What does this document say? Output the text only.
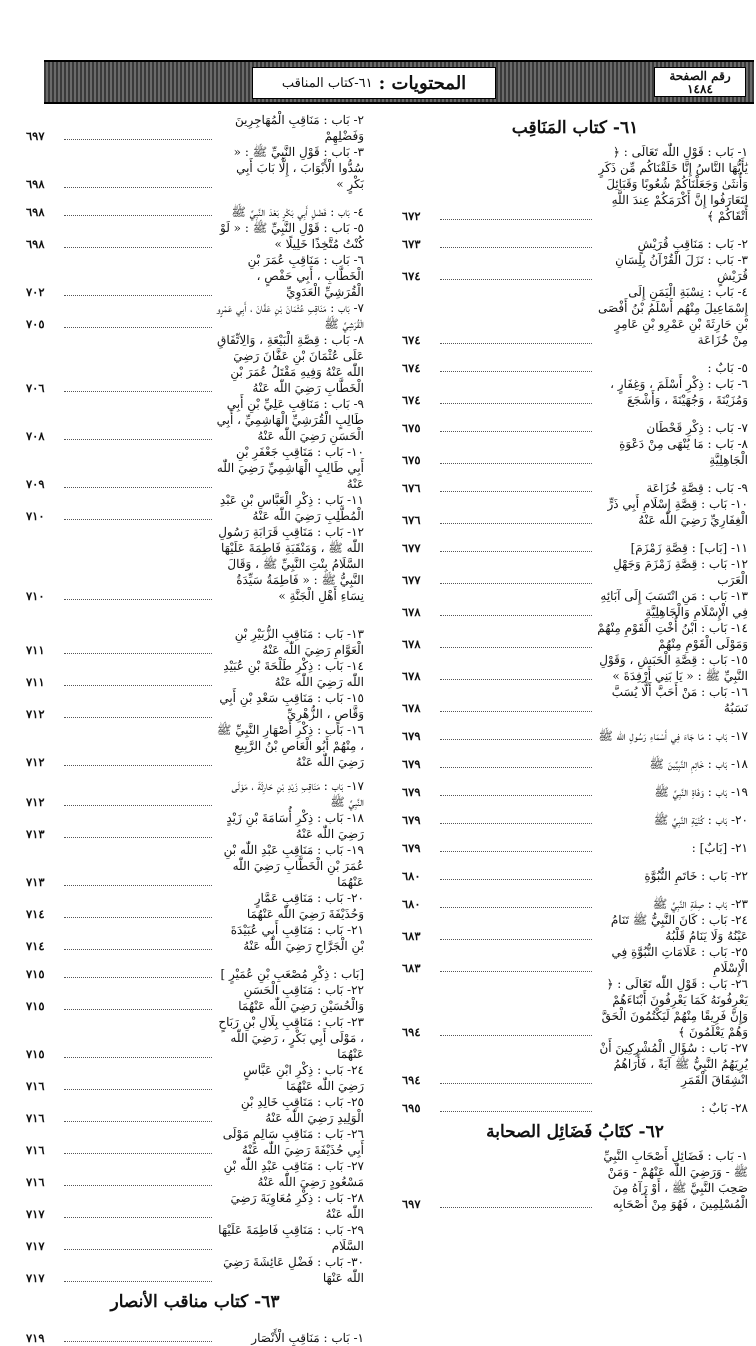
رقم الصفحة
١٤٨٤
المحتويات :
٦١-كتاب المناقب
٦١- كتاب المَنَاقِب
١- بَاب : قَوْلِ اللّٰه تَعَالَى : ﴿ يَٰأَيُّهَا النَّاسُ إِنَّا خَلَقْنَاكُم مِّن ذَكَرٍ وَأُنثَىٰ وَجَعَلْنَاكُمْ شُعُوبًا وَقَبَائِلَ لِتَعَارَفُوا إِنَّ أَكْرَمَكُمْ عِندَ اللَّهِ أَتْقَاكُمْ ﴾
٦٧٢
٢- بَاب : مَنَاقِبِ قُرَيْشٍ
٦٧٣
٣- بَاب : نَزَلَ الْقُرْآنُ بِلِسَانِ قُرَيْشٍ
٦٧٤
٤- بَاب : نِسْبَةِ الْيَمَنِ إِلَى إِسْمَاعِيلَ مِنْهُم أَسْلَمُ بْنُ أَفْصَى بْنِ حَارِثَةَ بْنِ عَمْرِو بْنِ عَامِرٍ مِنْ خُزَاعَة
٦٧٤
٥- بَابٌ :
٦٧٤
٦- بَاب : ذِكْرِ أَسْلَمَ ، وَغِفَارٍ ، وَمُزَيْنَةَ ، وَجُهَيْنَةَ ، وَأَشْجَعَ
٦٧٤
٧- بَاب : ذِكْرِ قَحْطَان
٦٧٥
٨- بَاب : مَا يُنْهَى مِنْ دَعْوَةِ الْجَاهِلِيَّةِ
٦٧٥
٩- بَاب : قِصَّةِ خُزَاعَة
٦٧٦
١٠- بَاب : قِصَّةِ إِسْلَامِ أَبِي ذَرٍّ الْغِفَارِيِّ رَضِيَ اللّٰه عَنْهُ
٦٧٦
١١- [بَاب] : قِصَّةِ زَمْزَمَ]
٦٧٧
١٢- بَاب : قِصَّةِ زَمْزَمَ وَجَهْلِ الْعَرَب
٦٧٧
١٣- بَاب : مَنِ انْتَسَبَ إِلَى آبَائِهِ فِي الْإِسْلَامِ وَالْجَاهِلِيَّةِ
٦٧٨
١٤- بَاب : ابْنُ أُخْتِ الْقَوْمِ مِنْهُمْ وَمَوْلَى الْقَوْمِ مِنْهُمْ
٦٧٨
١٥- بَاب : قِصَّةِ الْحَبَشِ ، وَقَوْلِ النَّبِيِّ ﷺ : « يَا بَنِي أَرْفِدَةَ »
٦٧٨
١٦- بَاب : مَنْ أَحَبَّ أَلَّا يُسَبَّ نَسَبُهُ
٦٧٨
١٧- بَاب : مَا جَاءَ فِي أَسْمَاءِ رَسُولِ اللّٰه ﷺ
٦٧٩
١٨- بَاب : خَاتِمِ النَّبِيِّينَ ﷺ
٦٧٩
١٩- بَاب : وَفَاةِ النَّبِيِّ ﷺ
٦٧٩
٢٠- بَاب : كُنْيَةِ النَّبِيِّ ﷺ
٦٧٩
٢١- [بَابٌ] :
٦٧٩
٢٢- بَاب : خَاتَمِ النُّبُوَّةِ
٦٨٠
٢٣- بَاب : صِفَةِ النَّبِيِّ ﷺ
٦٨٠
٢٤- بَاب : كَانَ النَّبِيُّ ﷺ تَنَامُ عَيْنُهُ وَلَا يَنَامُ قَلْبُهُ
٦٨٣
٢٥- بَاب : عَلَامَاتِ النُّبُوَّةِ فِي الْإِسْلَامِ
٦٨٣
٢٦- بَاب : قَوْلِ اللّٰه تَعَالَى : ﴿ يَعْرِفُونَهُ كَمَا يَعْرِفُونَ أَبْنَاءَهُمْ وَإِنَّ فَرِيقًا مِنْهُمْ لَيَكْتُمُونَ الْحَقَّ وَهُمْ يَعْلَمُونَ ﴾
٦٩٤
٢٧- بَاب : سُؤَالِ الْمُشْرِكِينَ أَنْ يُرِيَهُمُ النَّبِيُّ ﷺ آيَةً ، فَأَرَاهُمُ انْشِقَاقَ الْقَمَرِ
٦٩٤
٢٨- بَابٌ :
٦٩٥
٦٢- كتَابُ فَضَائِل الصحابة
١- بَاب : فَضَائِلِ أَصْحَابِ النَّبِيِّ ﷺ - وَرَضِيَ اللّٰه عَنْهُمْ - وَمَنْ صَحِبَ النَّبِيَّ ﷺ ، أَوْ رَآهُ مِنَ الْمُسْلِمِينَ ، فَهُوَ مِنْ أَصْحَابِه
٦٩٧
٢- بَاب : مَنَاقِبِ الْمُهَاجِرِينَ وَفَضْلِهِمْ
٦٩٧
٣- بَاب : قَوْلِ النَّبِيِّ ﷺ : « سُدُّوا الْأَبْوَابَ ، إِلَّا بَابَ أَبِي بَكْرٍ »
٦٩٨
٤- بَاب : فَضْلِ أَبِي بَكْرٍ بَعْدَ النَّبِيِّ ﷺ
٦٩٨
٥- بَاب : قَوْلِ النَّبِيِّ ﷺ : « لَوْ كُنْتُ مُتَّخِذًا خَلِيلًا »
٦٩٨
٦- بَاب : مَنَاقِبِ عُمَرَ بْنِ الْخَطَّابِ ، أَبِي حَفْصٍ ، الْقُرَشِيِّ الْعَدَوِيِّ
٧٠٢
٧- بَاب : مَنَاقِبِ عُثْمَانَ بْنِ عَفَّانَ ، أَبِي عَمْرٍو الْقُرَشِيِّ ﷺ
٧٠٥
٨- بَاب : قِصَّةِ الْبَيْعَةِ ، وَالِاتِّفَاقِ عَلَى عُثْمَانَ بْنِ عَفَّانَ رَضِيَ اللّٰه عَنْهُ وَفِيهِ مَقْتَلُ عُمَرَ بْنِ الْخَطَّابِ رَضِيَ اللّٰه عَنْهُ
٧٠٦
٩- بَاب : مَنَاقِبِ عَلِيِّ بْنِ أَبِي طَالِبٍ الْقُرَشِيِّ الْهَاشِمِيِّ ، أَبِي الْحَسَنِ رَضِيَ اللّٰه عَنْهُ
٧٠٨
١٠- بَاب : مَنَاقِبِ جَعْفَرِ بْنِ أَبِي طَالِبٍ الْهَاشِمِيِّ رَضِيَ اللّٰه عَنْهُ
٧٠٩
١١- بَاب : ذِكْرِ الْعَبَّاسِ بْنِ عَبْدِ الْمُطَّلِبِ رَضِيَ اللّٰه عَنْهُ
٧١٠
١٢- بَاب : مَنَاقِبِ قَرَابَةِ رَسُولِ اللّٰه ﷺ ، وَمَنْقَبَةِ فَاطِمَةَ عَلَيْهَا السَّلَامُ بِنْتِ النَّبِيِّ ﷺ ، وَقَالَ النَّبِيُّ ﷺ : « فَاطِمَةُ سَيِّدَةُ نِسَاءِ أَهْلِ الْجَنَّةِ »
٧١٠
١٣- بَاب : مَنَاقِبِ الزُّبَيْرِ بْنِ الْعَوَّامِ رَضِيَ اللّٰه عَنْهُ
٧١١
١٤- بَاب : ذِكْرِ طَلْحَةَ بْنِ عُبَيْدِ اللّٰه رَضِيَ اللّٰه عَنْهُ
٧١١
١٥- بَاب : مَنَاقِبِ سَعْدِ بْنِ أَبِي وَقَّاصٍ ، الزُّهْرِيِّ
٧١٢
١٦- بَاب : ذِكْرِ أَصْهَارِ النَّبِيِّ ﷺ ، مِنْهُمْ أَبُو الْعَاصِ بْنُ الرَّبِيعِ رَضِيَ اللّٰه عَنْهُ
٧١٢
١٧- بَاب : مَنَاقِبِ زَيْدِ بْنِ حَارِثَةَ ، مَوْلَى النَّبِيِّ ﷺ
٧١٢
١٨- بَاب : ذِكْرِ أُسَامَةَ بْنِ زَيْدٍ رَضِيَ اللّٰه عَنْهُ
٧١٣
١٩- بَاب : مَنَاقِبِ عَبْدِ اللّٰه بْنِ عُمَرَ بْنِ الْخَطَّابِ رَضِيَ اللّٰه عَنْهُمَا
٧١٣
٢٠- بَاب : مَنَاقِبِ عَمَّارٍ وَحُذَيْفَةَ رَضِيَ اللّٰه عَنْهُمَا
٧١٤
٢١- بَاب : مَنَاقِبِ أَبِي عُبَيْدَةَ بْنِ الْجَرَّاحِ رَضِيَ اللّٰه عَنْهُ
٧١٤
[بَاب : ذِكْرِ مُصْعَبِ بْنِ عُمَيْرٍ ]
٧١٥
٢٢- بَاب : مَنَاقِبِ الْحَسَنِ وَالْحُسَيْنِ رَضِيَ اللّٰه عَنْهُمَا
٧١٥
٢٣- بَاب : مَنَاقِبِ بِلَالِ بْنِ رَبَاحٍ ، مَوْلَى أَبِي بَكْرٍ ، رَضِيَ اللّٰه عَنْهُمَا
٧١٥
٢٤- بَاب : ذِكْرِ ابْنِ عَبَّاسٍ رَضِيَ اللّٰه عَنْهُمَا
٧١٦
٢٥- بَاب : مَنَاقِبِ خَالِدِ بْنِ الْوَلِيدِ رَضِيَ اللّٰه عَنْهُ
٧١٦
٢٦- بَاب : مَنَاقِبِ سَالِمٍ مَوْلَى أَبِي حُذَيْفَةَ رَضِيَ اللّٰه عَنْهُ
٧١٦
٢٧- بَاب : مَنَاقِبِ عَبْدِ اللّٰه بْنِ مَسْعُودٍ رَضِيَ اللّٰه عَنْهُ
٧١٦
٢٨- بَاب : ذِكْرِ مُعَاوِيَةَ رَضِيَ اللّٰه عَنْهُ
٧١٧
٢٩- بَاب : مَنَاقِبِ فَاطِمَةَ عَلَيْهَا السَّلَام
٧١٧
٣٠- بَاب : فَضْلِ عَائِشَةَ رَضِيَ اللّٰه عَنْهَا
٧١٧
٦٣- كتاب مناقب الأنصار
١- بَاب : مَنَاقِبِ الْأَنْصَار
٧١٩
